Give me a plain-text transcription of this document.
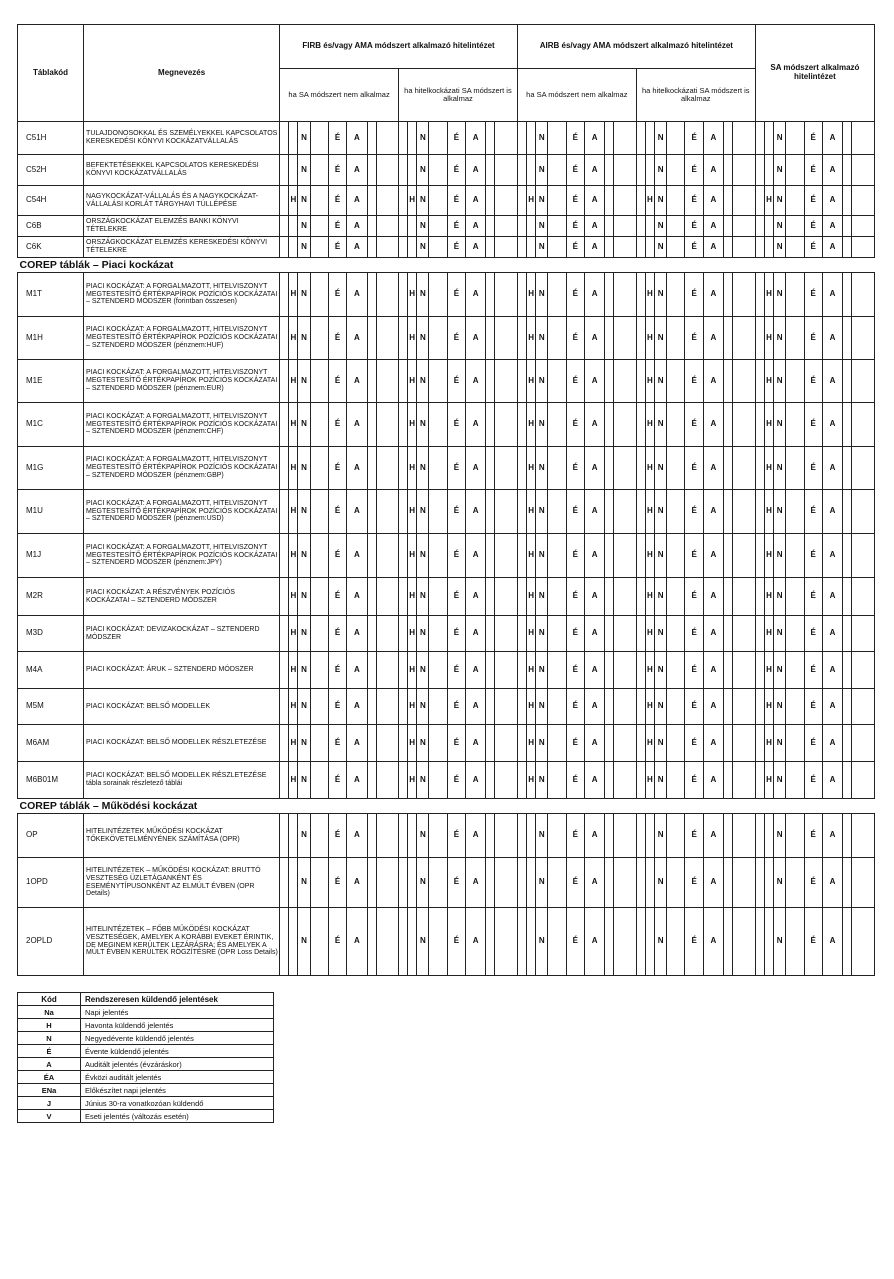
Táblakód	Megnevezés	FIRB és/vagy AMA módszert alkalmazó hitelintézet																AIRB és/vagy AMA módszert alkalmazó hitelintézet																SA módszert alkalmazó hitelintézet							
		ha SA módszert nem alkalmaz								ha hitelkockázati SA módszert is alkalmaz								ha SA módszert nem alkalmaz								ha hitelkockázati SA módszert is alkalmaz															
C51H	TULAJDONOSOKKAL ÉS SZEMÉLYEKKEL KAPCSOLATOS KERESKEDÉSI KÖNYVI KOCKÁZATVÁLLALÁS			N		É	A					N		É	A					N		É	A					N		É	A					N		É	A		
C52H	BEFEKTETÉSEKKEL KAPCSOLATOS KERESKEDÉSI KÖNYVI KOCKÁZATVÁLLALÁS			N		É	A					N		É	A					N		É	A					N		É	A					N		É	A		
C54H	NAGYKOCKÁZAT-VÁLLALÁS ÉS A NAGYKOCKÁZAT-VÁLLALÁSI KORLÁT TÁRGYHAVI TÚLLÉPÉSE		H	N		É	A				H	N		É	A				H	N		É	A				H	N		É	A				H	N		É	A		
C6B	ORSZÁGKOCKÁZAT ELEMZÉS BANKI KÖNYVI TÉTELEKRE			N		É	A					N		É	A					N		É	A					N		É	A					N		É	A		
C6K	ORSZÁGKOCKÁZAT ELEMZÉS KERESKEDÉSI KÖNYVI TÉTELEKRE			N		É	A					N		É	A					N		É	A					N		É	A					N		É	A		
COREP táblák – Piaci kockázat																																									
M1T	PIACI KOCKÁZAT: A FORGALMAZOTT, HITELVISZONYT MEGTESTESÍTŐ ÉRTÉKPAPÍROK POZÍCIÓS KOCKÁZATAI – SZTENDERD MÓDSZER (forintban összesen)		H	N		É	A				H	N		É	A				H	N		É	A				H	N		É	A				H	N		É	A		
M1H	PIACI KOCKÁZAT: A FORGALMAZOTT, HITELVISZONYT MEGTESTESÍTŐ ÉRTÉKPAPÍROK POZÍCIÓS KOCKÁZATAI – SZTENDERD MÓDSZER (pénznem:HUF)		H	N		É	A				H	N		É	A				H	N		É	A				H	N		É	A				H	N		É	A		
M1E	PIACI KOCKÁZAT: A FORGALMAZOTT, HITELVISZONYT MEGTESTESÍTŐ ÉRTÉKPAPÍROK POZÍCIÓS KOCKÁZATAI – SZTENDERD MÓDSZER (pénznem:EUR)		H	N		É	A				H	N		É	A				H	N		É	A				H	N		É	A				H	N		É	A		
M1C	PIACI KOCKÁZAT: A FORGALMAZOTT, HITELVISZONYT MEGTESTESÍTŐ ÉRTÉKPAPÍROK POZÍCIÓS KOCKÁZATAI – SZTENDERD MÓDSZER (pénznem:CHF)		H	N		É	A				H	N		É	A				H	N		É	A				H	N		É	A				H	N		É	A		
M1G	PIACI KOCKÁZAT: A FORGALMAZOTT, HITELVISZONYT MEGTESTESÍTŐ ÉRTÉKPAPÍROK POZÍCIÓS KOCKÁZATAI – SZTENDERD MÓDSZER (pénznem:GBP)		H	N		É	A				H	N		É	A				H	N		É	A				H	N		É	A				H	N		É	A		
M1U	PIACI KOCKÁZAT: A FORGALMAZOTT, HITELVISZONYT MEGTESTESÍTŐ ÉRTÉKPAPÍROK POZÍCIÓS KOCKÁZATAI – SZTENDERD MÓDSZER (pénznem:USD)		H	N		É	A				H	N		É	A				H	N		É	A				H	N		É	A				H	N		É	A		
M1J	PIACI KOCKÁZAT: A FORGALMAZOTT, HITELVISZONYT MEGTESTESÍTŐ ÉRTÉKPAPÍROK POZÍCIÓS KOCKÁZATAI – SZTENDERD MÓDSZER (pénznem:JPY)		H	N		É	A				H	N		É	A				H	N		É	A				H	N		É	A				H	N		É	A		
M2R	PIACI KOCKÁZAT: A RÉSZVÉNYEK POZÍCIÓS KOCKÁZATAI – SZTENDERD MÓDSZER		H	N		É	A				H	N		É	A				H	N		É	A				H	N		É	A				H	N		É	A		
M3D	PIACI KOCKÁZAT: DEVIZAKOCKÁZAT – SZTENDERD MÓDSZER		H	N		É	A				H	N		É	A				H	N		É	A				H	N		É	A				H	N		É	A		
M4A	PIACI KOCKÁZAT: ÁRUK – SZTENDERD MÓDSZER		H	N		É	A				H	N		É	A				H	N		É	A				H	N		É	A				H	N		É	A		
M5M	PIACI KOCKÁZAT: BELSŐ MODELLEK		H	N		É	A				H	N		É	A				H	N		É	A				H	N		É	A				H	N		É	A		
M6AM	PIACI KOCKÁZAT: BELSŐ MODELLEK RÉSZLETEZÉSE		H	N		É	A				H	N		É	A				H	N		É	A				H	N		É	A				H	N		É	A		
M6B01M	PIACI KOCKÁZAT: BELSŐ MODELLEK RÉSZLETEZÉSE tábla sorainak részletező táblái		H	N		É	A				H	N		É	A				H	N		É	A				H	N		É	A				H	N		É	A		
COREP táblák – Működési kockázat																																									
OP	HITELINTÉZETEK MŰKÖDÉSI KOCKÁZAT TŐKEKÖVETELMÉNYÉNEK SZÁMÍTÁSA (OPR)			N		É	A					N		É	A					N		É	A					N		É	A					N		É	A		
1OPD	HITELINTÉZETEK – MŰKÖDÉSI KOCKÁZAT: BRUTTÓ VESZTESÉG ÜZLETÁGANKÉNT ÉS ESEMÉNYTÍPUSONKÉNT AZ ELMÚLT ÉVBEN (OPR Details)			N		É	A					N		É	A					N		É	A					N		É	A					N		É	A		
2OPLD	HITELINTÉZETEK – FŐBB MŰKÖDÉSI KOCKÁZAT VESZTESÉGEK, AMELYEK A KORÁBBI EVEKET ÉRINTIK, DE MEGINEM KERÜLTEK LEZÁRÁSRA; ÉS AMELYEK A MÚLT ÉVBEN KERÜLTEK RÖGZÍTÉSRE (OPR Loss Details)			N		É	A					N		É	A					N		É	A					N		É	A					N		É	A		
Kód	Rendszeresen küldendő jelentések
Na	Napi jelentés
H	Havonta küldendő jelentés
N	Negyedévente küldendő jelentés
É	Évente küldendő jelentés
A	Auditált jelentés (évzáráskor)
ÉA	Évközi auditált jelentés
ENa	Előkészítet napi jelentés
J	Június 30-ra vonatkozóan küldendő
V	Eseti jelentés (változás esetén)
